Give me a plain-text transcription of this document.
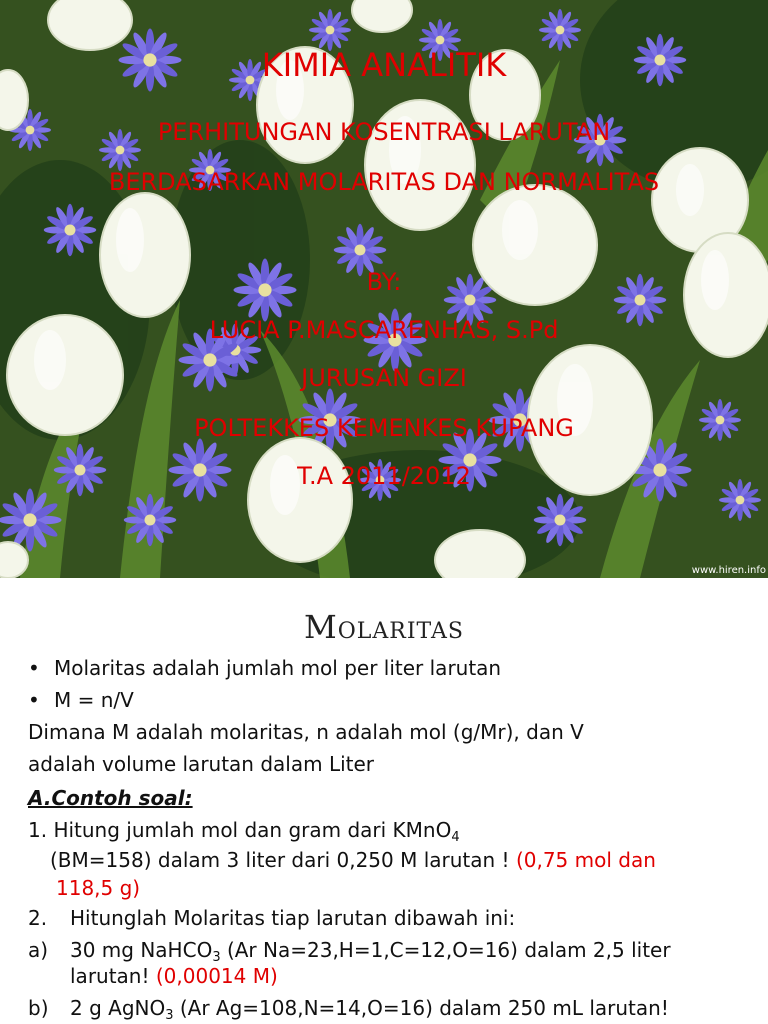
KIMIA ANALITIK
PERHITUNGAN KOSENTRASI LARUTAN
BERDASARKAN MOLARITAS DAN NORMALITAS
BY:
LUCIA P.MASCARENHAS, S.Pd
JURUSAN GIZI
POLTEKKES KEMENKES KUPANG
T.A 2011/2012
www.hiren.info
Molaritas
• Molaritas adalah jumlah mol per liter larutan
• M = n/V
Dimana M adalah molaritas, n adalah mol (g/Mr), dan V
adalah volume larutan dalam Liter
A.Contoh soal:
1. Hitung jumlah mol dan gram dari KMnO$_4$
(BM=158) dalam 3 liter dari 0,250 M larutan ! (0,75 mol dan
118,5 g)
2. Hitunglah Molaritas tiap larutan dibawah ini:
a) 30 mg NaHCO$_3$ (Ar Na=23,H=1,C=12,O=16) dalam 2,5 liter
larutan! (0,00014 M)
b) 2 g AgNO$_3$ (Ar Ag=108,N=14,O=16) dalam 250 mL larutan!
